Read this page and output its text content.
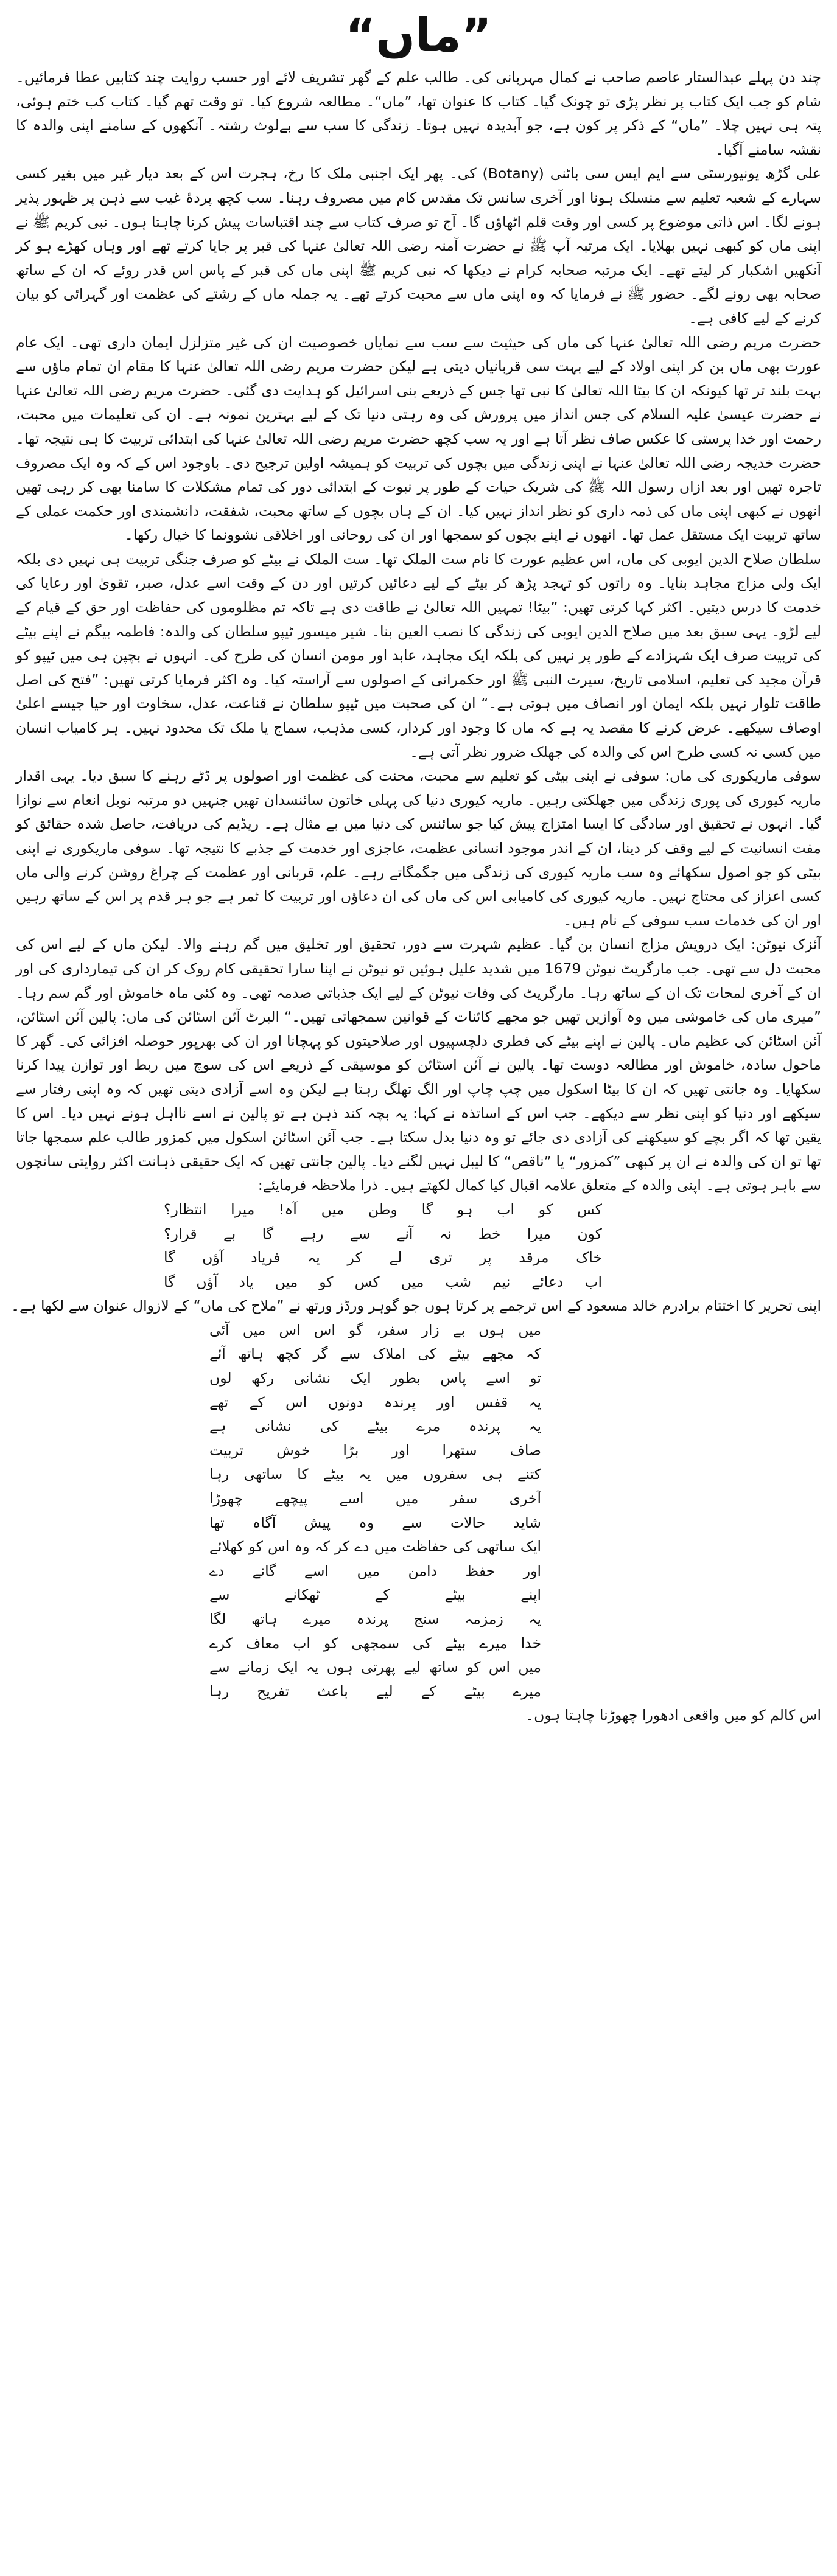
”ماں“

چند دن پہلے عبدالستار عاصم صاحب نے کمال مہربانی کی۔ طالب علم کے گھر تشریف لائے اور حسب روایت چند کتابیں عطا فرمائیں۔ شام کو جب ایک کتاب پر نظر پڑی تو چونک گیا۔ کتاب کا عنوان تھا، ”ماں“۔ مطالعہ شروع کیا۔ تو وقت تھم گیا۔ کتاب کب ختم ہوئی، پتہ ہی نہیں چلا۔ ”ماں“ کے ذکر پر کون ہے، جو آبدیدہ نہیں ہوتا۔ زندگی کا سب سے بےلوث رشتہ۔ آنکھوں کے سامنے اپنی والدہ کا نقشہ سامنے آگیا۔

علی گڑھ یونیورسٹی سے ایم ایس سی باٹنی (Botany) کی۔ پھر ایک اجنبی ملک کا رخ، ہجرت اس کے بعد دیار غیر میں بغیر کسی سہارے کے شعبہ تعلیم سے منسلک ہونا اور آخری سانس تک مقدس کام میں مصروف رہنا۔ سب کچھ پردۂ غیب سے ذہن پر ظہور پذیر ہونے لگا۔ اس ذاتی موضوع پر کسی اور وقت قلم اٹھاؤں گا۔ آج تو صرف کتاب سے چند اقتباسات پیش کرنا چاہتا ہوں۔ نبی کریم ﷺ نے اپنی ماں کو کبھی نہیں بھلایا۔ ایک مرتبہ آپ ﷺ نے حضرت آمنہ رضی اللہ تعالیٰ عنہا کی قبر پر جایا کرتے تھے اور وہاں کھڑے ہو کر آنکھیں اشکبار کر لیتے تھے۔ ایک مرتبہ صحابہ کرام نے دیکھا کہ نبی کریم ﷺ اپنی ماں کی قبر کے پاس اس قدر روئے کہ ان کے ساتھ صحابہ بھی رونے لگے۔ حضور ﷺ نے فرمایا کہ وہ اپنی ماں سے محبت کرتے تھے۔ یہ جملہ ماں کے رشتے کی عظمت اور گہرائی کو بیان کرنے کے لیے کافی ہے۔

حضرت مریم رضی اللہ تعالیٰ عنہا کی ماں کی حیثیت سے سب سے نمایاں خصوصیت ان کی غیر متزلزل ایمان داری تھی۔ ایک عام عورت بھی ماں بن کر اپنی اولاد کے لیے بہت سی قربانیاں دیتی ہے لیکن حضرت مریم رضی اللہ تعالیٰ عنہا کا مقام ان تمام ماؤں سے بہت بلند تر تھا کیونکہ ان کا بیٹا اللہ تعالیٰ کا نبی تھا جس کے ذریعے بنی اسرائیل کو ہدایت دی گئی۔ حضرت مریم رضی اللہ تعالیٰ عنہا نے حضرت عیسیٰ علیہ السلام کی جس انداز میں پرورش کی وہ رہتی دنیا تک کے لیے بہترین نمونہ ہے۔ ان کی تعلیمات میں محبت، رحمت اور خدا پرستی کا عکس صاف نظر آتا ہے اور یہ سب کچھ حضرت مریم رضی اللہ تعالیٰ عنہا کی ابتدائی تربیت کا ہی نتیجہ تھا۔ حضرت خدیجہ رضی اللہ تعالیٰ عنہا نے اپنی زندگی میں بچوں کی تربیت کو ہمیشہ اولین ترجیح دی۔ باوجود اس کے کہ وہ ایک مصروف تاجرہ تھیں اور بعد ازاں رسول اللہ ﷺ کی شریک حیات کے طور پر نبوت کے ابتدائی دور کی تمام مشکلات کا سامنا بھی کر رہی تھیں انھوں نے کبھی اپنی ماں کی ذمہ داری کو نظر انداز نہیں کیا۔ ان کے ہاں بچوں کے ساتھ محبت، شفقت، دانشمندی اور حکمت عملی کے ساتھ تربیت ایک مستقل عمل تھا۔ انھوں نے اپنے بچوں کو سمجھا اور ان کی روحانی اور اخلاقی نشوونما کا خیال رکھا۔

سلطان صلاح الدین ایوبی کی ماں، اس عظیم عورت کا نام ست الملک تھا۔ ست الملک نے بیٹے کو صرف جنگی تربیت ہی نہیں دی بلکہ ایک ولی مزاج مجاہد بنایا۔ وہ راتوں کو تہجد پڑھ کر بیٹے کے لیے دعائیں کرتیں اور دن کے وقت اسے عدل، صبر، تقویٰ اور رعایا کی خدمت کا درس دیتیں۔ اکثر کہا کرتی تھیں: ”بیٹا! تمہیں اللہ تعالیٰ نے طاقت دی ہے تاکہ تم مظلوموں کی حفاظت اور حق کے قیام کے لیے لڑو۔ یہی سبق بعد میں صلاح الدین ایوبی کی زندگی کا نصب العین بنا۔ شیر میسور ٹیپو سلطان کی والدہ: فاطمہ بیگم نے اپنے بیٹے کی تربیت صرف ایک شہزادے کے طور پر نہیں کی بلکہ ایک مجاہد، عابد اور مومن انسان کی طرح کی۔ انہوں نے بچپن ہی میں ٹیپو کو قرآن مجید کی تعلیم، اسلامی تاریخ، سیرت النبی ﷺ اور حکمرانی کے اصولوں سے آراستہ کیا۔ وہ اکثر فرمایا کرتی تھیں: ”فتح کی اصل طاقت تلوار نہیں بلکہ ایمان اور انصاف میں ہوتی ہے۔“ ان کی صحبت میں ٹیپو سلطان نے قناعت، عدل، سخاوت اور حیا جیسے اعلیٰ اوصاف سیکھے۔ عرض کرنے کا مقصد یہ ہے کہ ماں کا وجود اور کردار، کسی مذہب، سماج یا ملک تک محدود نہیں۔ ہر کامیاب انسان میں کسی نہ کسی طرح اس کی والدہ کی جھلک ضرور نظر آتی ہے۔

سوفی ماریکوری کی ماں: سوفی نے اپنی بیٹی کو تعلیم سے محبت، محنت کی عظمت اور اصولوں پر ڈٹے رہنے کا سبق دیا۔ یہی اقدار ماریہ کیوری کی پوری زندگی میں جھلکتی رہیں۔ ماریہ کیوری دنیا کی پہلی خاتون سائنسدان تھیں جنہیں دو مرتبہ نوبل انعام سے نوازا گیا۔ انہوں نے تحقیق اور سادگی کا ایسا امتزاج پیش کیا جو سائنس کی دنیا میں بے مثال ہے۔ ریڈیم کی دریافت، حاصل شدہ حقائق کو مفت انسانیت کے لیے وقف کر دینا، ان کے اندر موجود انسانی عظمت، عاجزی اور خدمت کے جذبے کا نتیجہ تھا۔ سوفی ماریکوری نے اپنی بیٹی کو جو اصول سکھائے وہ سب ماریہ کیوری کی زندگی میں جگمگاتے رہے۔ علم، قربانی اور عظمت کے چراغ روشن کرنے والی ماں کسی اعزاز کی محتاج نہیں۔ ماریہ کیوری کی کامیابی اس کی ماں کی ان دعاؤں اور تربیت کا ثمر ہے جو ہر قدم پر اس کے ساتھ رہیں اور ان کی خدمات سب سوفی کے نام ہیں۔

آئزک نیوٹن: ایک درویش مزاج انسان بن گیا۔ عظیم شہرت سے دور، تحقیق اور تخلیق میں گم رہنے والا۔ لیکن ماں کے لیے اس کی محبت دل سے تھی۔ جب مارگریٹ نیوٹن 1679 میں شدید علیل ہوئیں تو نیوٹن نے اپنا سارا تحقیقی کام روک کر ان کی تیمارداری کی اور ان کے آخری لمحات تک ان کے ساتھ رہا۔ مارگریٹ کی وفات نیوٹن کے لیے ایک جذباتی صدمہ تھی۔ وہ کئی ماہ خاموش اور گم سم رہا۔ ”میری ماں کی خاموشی میں وہ آوازیں تھیں جو مجھے کائنات کے قوانین سمجھاتی تھیں۔“ البرٹ آئن اسٹائن کی ماں: پالین آئن اسٹائن، آئن اسٹائن کی عظیم ماں۔ پالین نے اپنے بیٹے کی فطری دلچسپیوں اور صلاحیتوں کو پہچانا اور ان کی بھرپور حوصلہ افزائی کی۔ گھر کا ماحول سادہ، خاموش اور مطالعہ دوست تھا۔ پالین نے آئن اسٹائن کو موسیقی کے ذریعے اس کی سوچ میں ربط اور توازن پیدا کرنا سکھایا۔ وہ جانتی تھیں کہ ان کا بیٹا اسکول میں چپ چاپ اور الگ تھلگ رہتا ہے لیکن وہ اسے آزادی دیتی تھیں کہ وہ اپنی رفتار سے سیکھے اور دنیا کو اپنی نظر سے دیکھے۔ جب اس کے اساتذہ نے کہا: یہ بچہ کند ذہن ہے تو پالین نے اسے نااہل ہونے نہیں دیا۔ اس کا یقین تھا کہ اگر بچے کو سیکھنے کی آزادی دی جائے تو وہ دنیا بدل سکتا ہے۔ جب آئن اسٹائن اسکول میں کمزور طالب علم سمجھا جاتا تھا تو ان کی والدہ نے ان پر کبھی ”کمزور“ یا ”ناقص“ کا لیبل نہیں لگنے دیا۔ پالین جانتی تھیں کہ ایک حقیقی ذہانت اکثر روایتی سانچوں سے باہر ہوتی ہے۔ اپنی والدہ کے متعلق علامہ اقبال کیا کمال لکھتے ہیں۔ ذرا ملاحظہ فرمایئے:

کس کو اب ہو گا وطن میں آہ! میرا انتظار؟
کون میرا خط نہ آنے سے رہے گا بے قرار؟
خاک مرقد پر تری لے کر یہ فریاد آؤں گا
اب دعائے نیم شب میں کس کو میں یاد آؤں گا
اپنی تحریر کا اختتام برادرم خالد مسعود کے اس ترجمے پر کرتا ہوں جو گوہر ورڈز ورتھ نے ”ملاح کی ماں“ کے لازوال عنوان سے لکھا ہے۔
میں ہوں بے زار سفر، گو اس اس میں آئی
کہ مجھے بیٹے کی املاک سے گر کچھ ہاتھ آئے
تو اسے پاس بطور ایک نشانی رکھ لوں
یہ قفس اور پرندہ دونوں اس کے تھے
یہ پرندہ مرے بیٹے کی نشانی ہے
صاف ستھرا اور بڑا خوش تربیت
کتنے ہی سفروں میں یہ بیٹے کا ساتھی رہا
آخری سفر میں اسے پیچھے چھوڑا
شاید حالات سے وہ پیش آگاہ تھا
ایک ساتھی کی حفاظت میں دے کر کہ وہ اس کو کھلائے
اور حفظ دامن میں اسے گانے دے
اپنے بیٹے کے ٹھکانے سے
یہ زمزمہ سنج پرندہ میرے ہاتھ لگا
خدا میرے بیٹے کی سمجھی کو اب معاف کرے
میں اس کو ساتھ لیے پھرتی ہوں یہ ایک زمانے سے
میرے بیٹے کے لیے باعث تفریح رہا
اس کالم کو میں واقعی ادھورا چھوڑنا چاہتا ہوں۔
